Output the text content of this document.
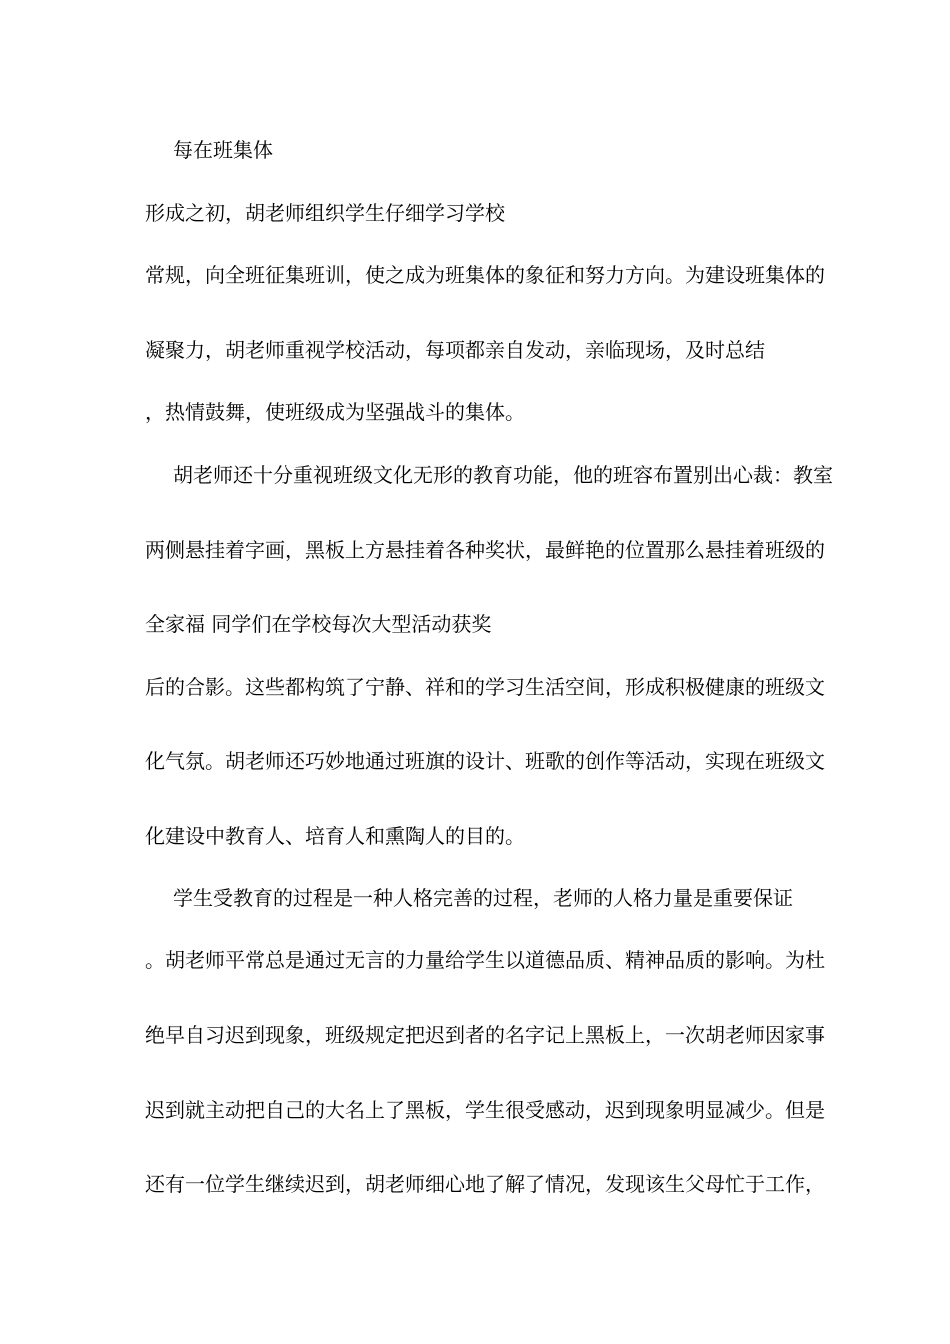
每在班集体
形成之初，胡老师组织学生仔细学习学校
常规，向全班征集班训，使之成为班集体的象征和努力方向。为建设班集体的
凝聚力，胡老师重视学校活动，每项都亲自发动，亲临现场，及时总结
，热情鼓舞，使班级成为坚强战斗的集体。
胡老师还十分重视班级文化无形的教育功能，他的班容布置别出心裁：教室
两侧悬挂着字画，黑板上方悬挂着各种奖状，最鲜艳的位置那么悬挂着班级的
全家福 同学们在学校每次大型活动获奖
后的合影。这些都构筑了宁静、祥和的学习生活空间，形成积极健康的班级文
化气氛。胡老师还巧妙地通过班旗的设计、班歌的创作等活动，实现在班级文
化建设中教育人、培育人和熏陶人的目的。
学生受教育的过程是一种人格完善的过程，老师的人格力量是重要保证
。胡老师平常总是通过无言的力量给学生以道德品质、精神品质的影响。为杜
绝早自习迟到现象，班级规定把迟到者的名字记上黑板上，一次胡老师因家事
迟到就主动把自己的大名上了黑板，学生很受感动，迟到现象明显减少。但是
还有一位学生继续迟到，胡老师细心地了解了情况，发现该生父母忙于工作，
